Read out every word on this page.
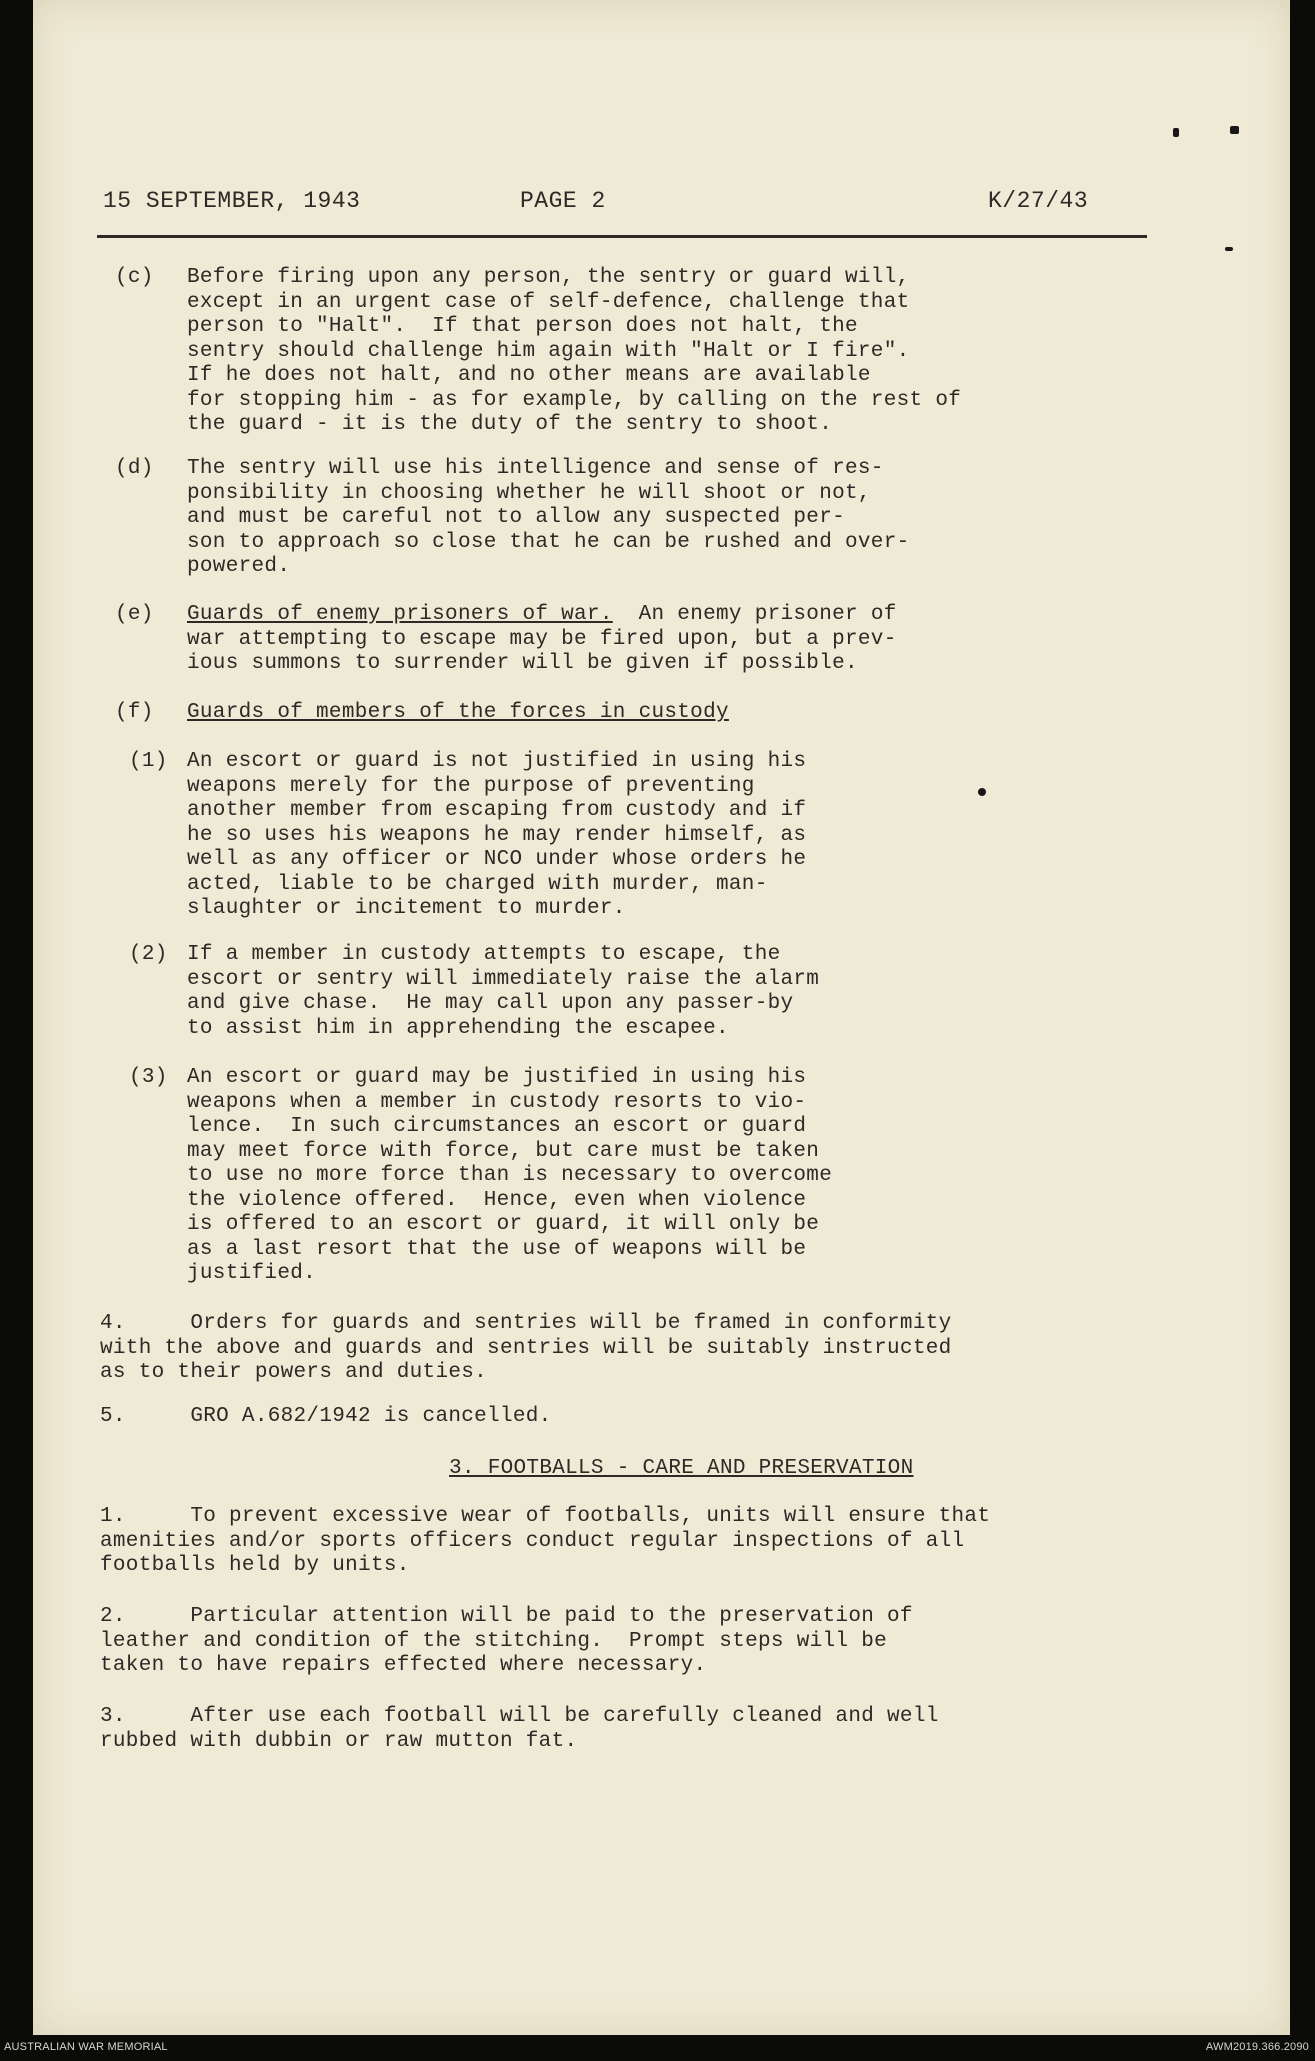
15 SEPTEMBER, 1943	PAGE 2	K/27/43

(c)

Before firing upon any person, the sentry or guard will,
except in an urgent case of self-defence, challenge that
person to "Halt".  If that person does not halt, the
sentry should challenge him again with "Halt or I fire".
If he does not halt, and no other means are available
for stopping him - as for example, by calling on the rest of
the guard - it is the duty of the sentry to shoot.

(d)

The sentry will use his intelligence and sense of res-
ponsibility in choosing whether he will shoot or not,
and must be careful not to allow any suspected per-
son to approach so close that he can be rushed and over-
powered.

(e)

Guards of enemy prisoners of war.  An enemy prisoner of

war attempting to escape may be fired upon, but a prev-
ious summons to surrender will be given if possible.

(f)

Guards of members of the forces in custody

(1)

An escort or guard is not justified in using his
weapons merely for the purpose of preventing
another member from escaping from custody and if
he so uses his weapons he may render himself, as
well as any officer or NCO under whose orders he
acted, liable to be charged with murder, man-
slaughter or incitement to murder.

(2)

If a member in custody attempts to escape, the
escort or sentry will immediately raise the alarm
and give chase.  He may call upon any passer-by
to assist him in apprehending the escapee.

(3)

An escort or guard may be justified in using his
weapons when a member in custody resorts to vio-
lence.  In such circumstances an escort or guard
may meet force with force, but care must be taken
to use no more force than is necessary to overcome
the violence offered.  Hence, even when violence
is offered to an escort or guard, it will only be
as a last resort that the use of weapons will be
justified.

4.     Orders for guards and sentries will be framed in conformity
with the above and guards and sentries will be suitably instructed
as to their powers and duties.

5.     GRO A.682/1942 is cancelled.

3. FOOTBALLS - CARE AND PRESERVATION
1.     To prevent excessive wear of footballs, units will ensure that
amenities and/or sports officers conduct regular inspections of all
footballs held by units.
2.     Particular attention will be paid to the preservation of
leather and condition of the stitching.  Prompt steps will be
taken to have repairs effected where necessary.
3.     After use each football will be carefully cleaned and well
rubbed with dubbin or raw mutton fat.
AUSTRALIAN WAR MEMORIAL	AWM2019.366.2090
